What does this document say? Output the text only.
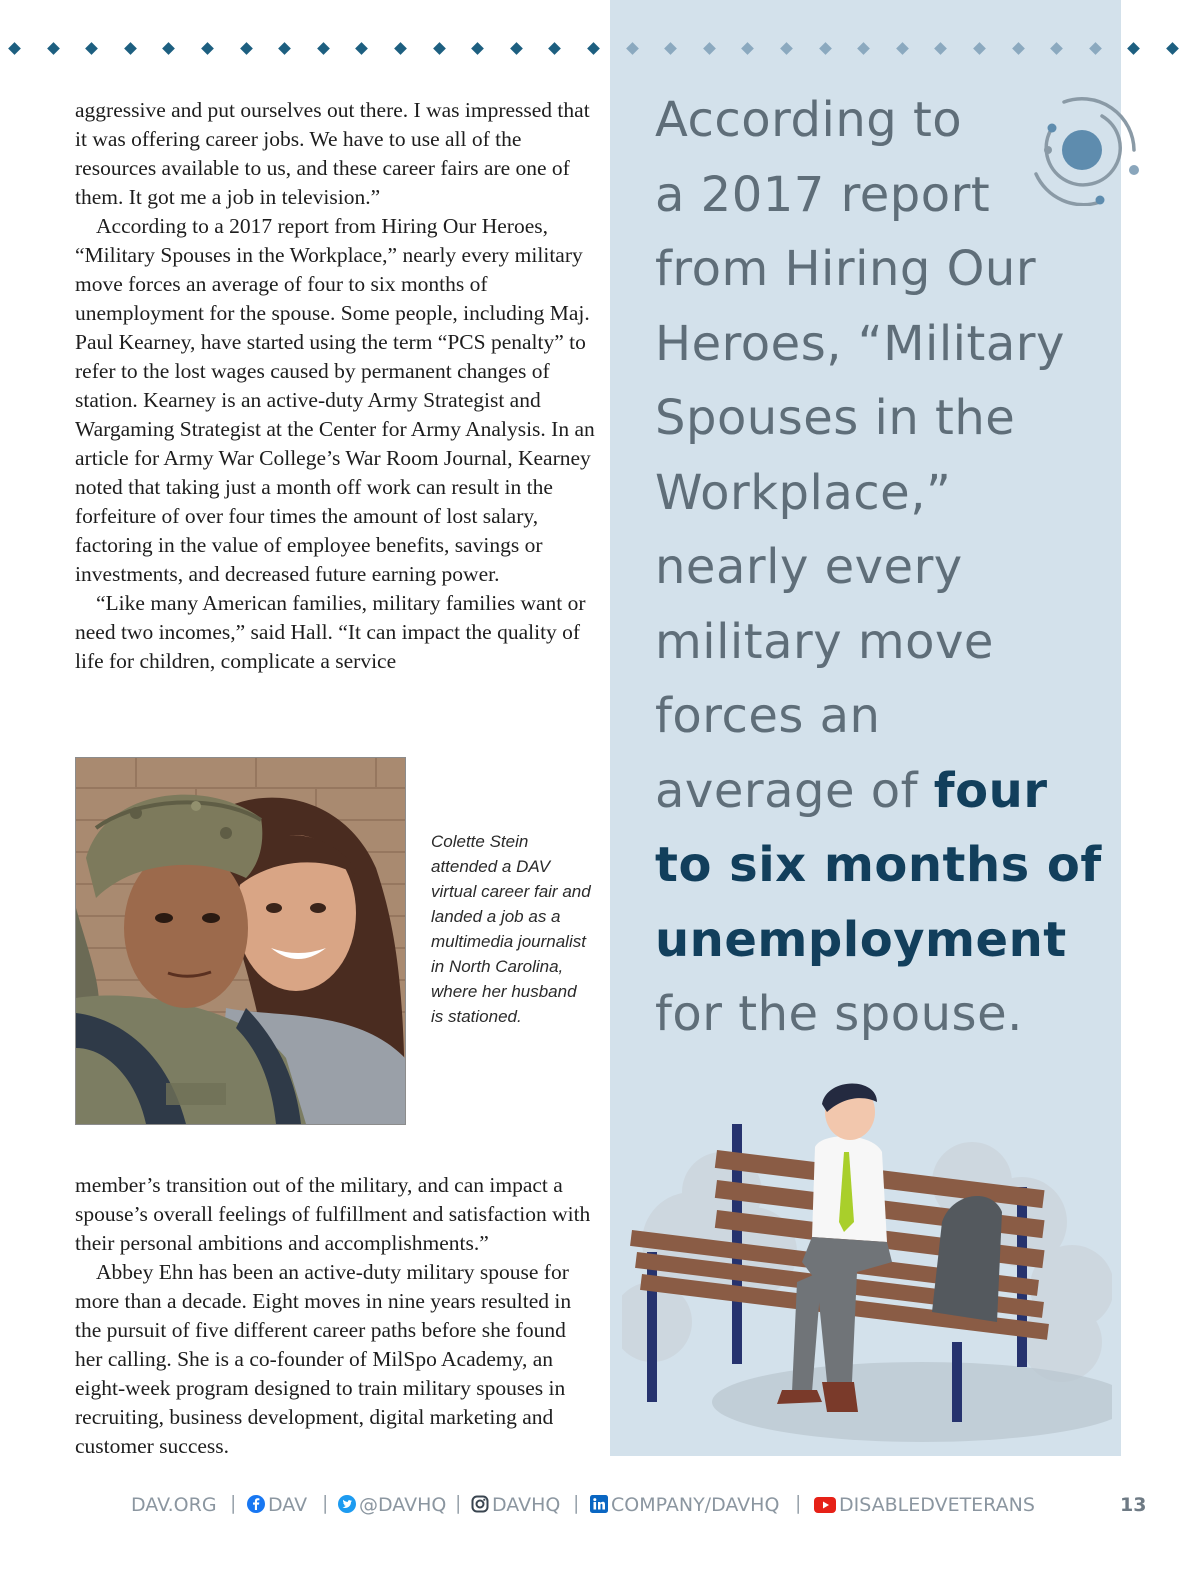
aggressive and put ourselves out there. I was impressed that it was offering career jobs. We have to use all of the resources available to us, and these career fairs are one of them. It got me a job in television.”

According to a 2017 report from Hiring Our Heroes, “Military Spouses in the Workplace,” nearly every military move forces an average of four to six months of unemployment for the spouse. Some people, including Maj. Paul Kearney, have started using the term “PCS penalty” to refer to the lost wages caused by permanent changes of station. Kearney is an active-duty Army Strategist and Wargaming Strategist at the Center for Army Analysis. In an article for Army War College’s War Room Journal, Kearney noted that taking just a month off work can result in the forfeiture of over four times the amount of lost salary, factoring in the value of employee benefits, savings or investments, and decreased future earning power.

“Like many American families, military families want or need two incomes,” said Hall. “It can impact the quality of life for children, complicate a service

Colette Stein attended a DAV virtual career fair and landed a job as a multimedia journalist in North Carolina, where her husband is stationed.

member’s transition out of the military, and can impact a spouse’s overall feelings of fulfillment and satisfaction with their personal ambitions and accomplishments.”

Abbey Ehn has been an active-duty military spouse for more than a decade. Eight moves in nine years resulted in the pursuit of five different career paths before she found her calling. She is a co-founder of MilSpo Academy, an eight-week program designed to train military spouses in recruiting, business development, digital marketing and customer success.

According to
a 2017 report
from Hiring Our
Heroes, “Military
Spouses in the
Workplace,”
nearly every
military move
forces an
average of four
to six months of
unemployment
for the spouse.
DAV.ORG |	DAV |	@DAVHQ |	DAVHQ |	COMPANY/DAVHQ |	DISABLEDVETERANS	13
